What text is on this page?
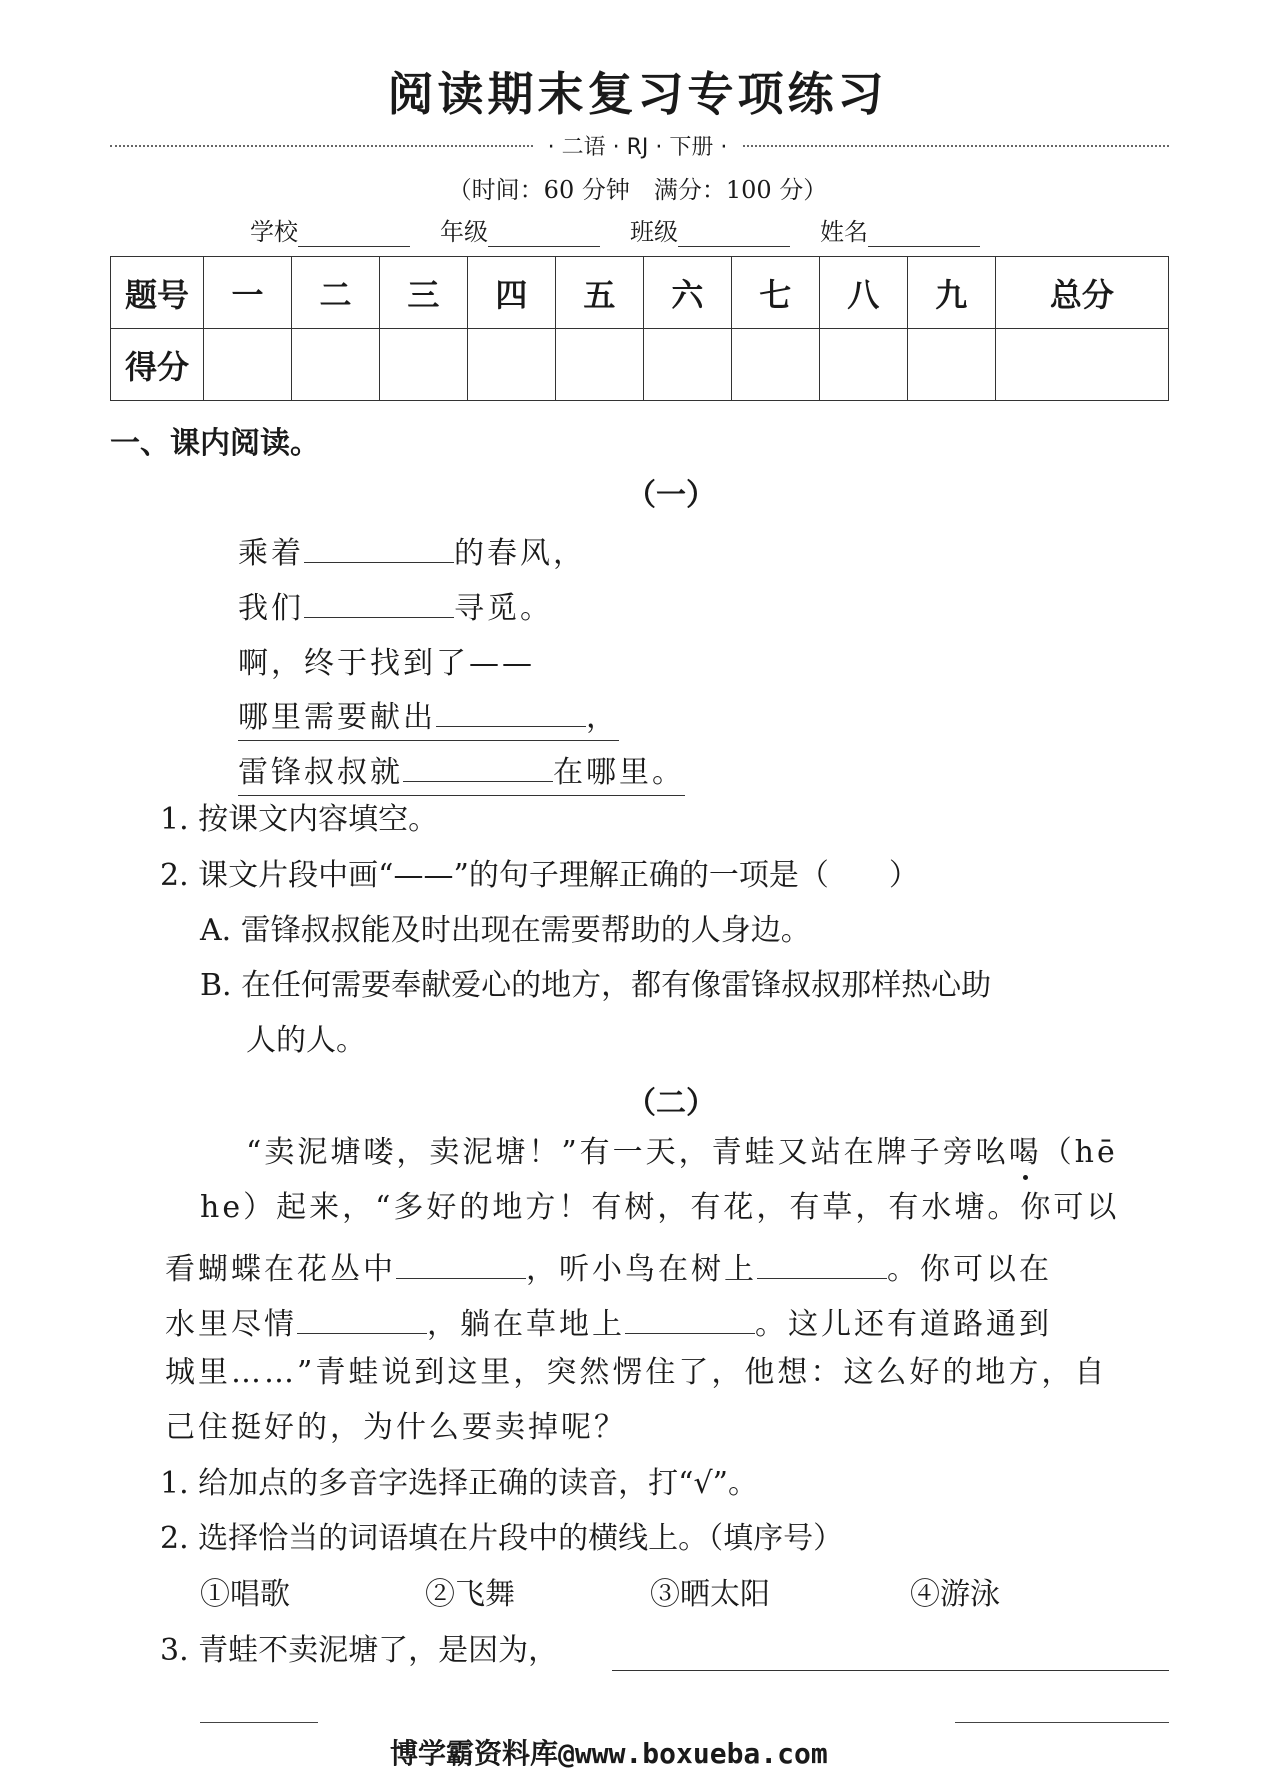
阅读期末复习专项练习
· 二语 · RJ · 下册 ·
（时间：60 分钟　满分：100 分）
学校	年级	班级	姓名
题号	一	二	三	四	五	六	七	八	九	总分
得分										
一、课内阅读。
（一）
乘着	的春风，
我们	寻觅。
啊，终于找到了——
哪里需要献出	，
雷锋叔叔就	在哪里。
1. 按课文内容填空。
2. 课文片段中画“——”的句子理解正确的一项是（　　）
A. 雷锋叔叔能及时出现在需要帮助的人身边。
B. 在任何需要奉献爱心的地方，都有像雷锋叔叔那样热心助
人的人。
（二）
“卖泥塘喽，卖泥塘！”有一天，青蛙又站在牌子旁吆喝（hē
he）起来，“多好的地方！有树，有花，有草，有水塘。你可以
看蝴蝶在花丛中	，听小鸟在树上	。你可以在
水里尽情	，躺在草地上	。这儿还有道路通到
城里……”青蛙说到这里，突然愣住了，他想：这么好的地方，自
己住挺好的，为什么要卖掉呢？
1. 给加点的多音字选择正确的读音，打“√”。
2. 选择恰当的词语填在片段中的横线上。（填序号）
①唱歌	②飞舞	③晒太阳	④游泳
3. 青蛙不卖泥塘了，是因为，
博学霸资料库@www.boxueba.com
